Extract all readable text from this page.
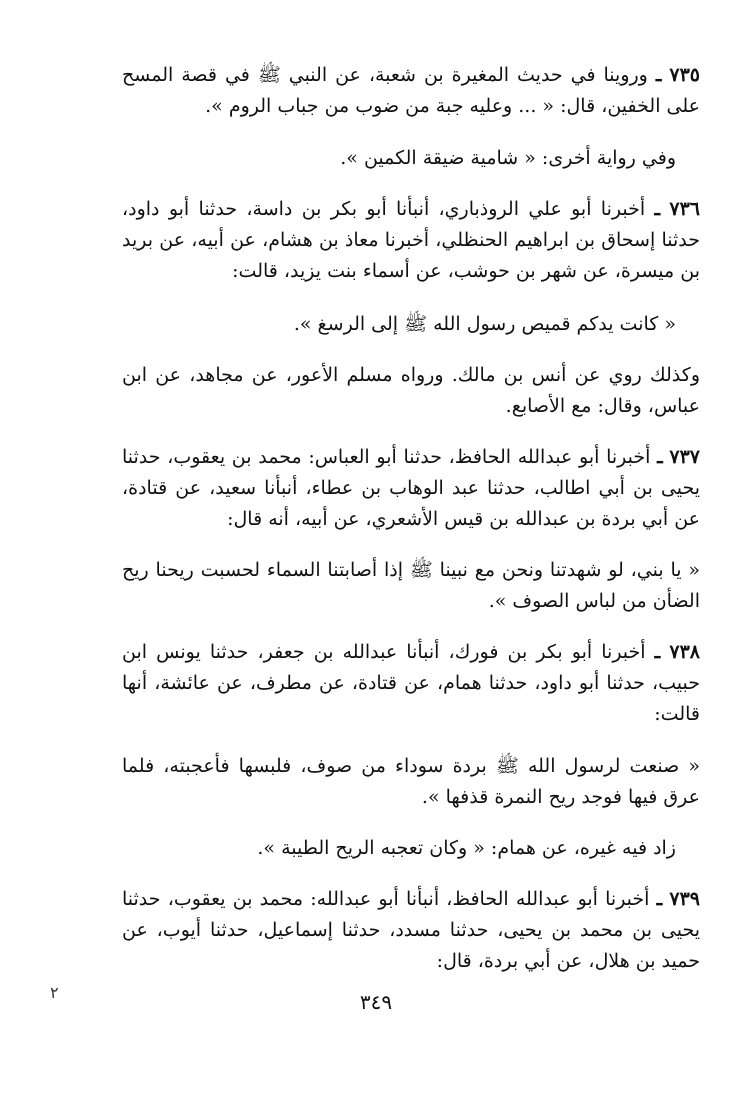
٧٣٥ ـ وروينا في حديث المغيرة بن شعبة، عن النبي ﷺ في قصة المسح على الخفين، قال: « ... وعليه جبة من ضوب من جباب الروم ».

وفي رواية أخرى: « شامية ضيقة الكمين ».

٧٣٦ ـ أخبرنا أبو علي الروذباري، أنبأنا أبو بكر بن داسة، حدثنا أبو داود، حدثنا إسحاق بن ابراهيم الحنظلي، أخبرنا معاذ بن هشام، عن أبيه، عن بريد بن ميسرة، عن شهر بن حوشب، عن أسماء بنت يزيد، قالت:

« كانت يدكم قميص رسول الله ﷺ إلى الرسغ ».

وكذلك روي عن أنس بن مالك. ورواه مسلم الأعور، عن مجاهد، عن ابن عباس، وقال: مع الأصابع.

٧٣٧ ـ أخبرنا أبو عبدالله الحافظ، حدثنا أبو العباس: محمد بن يعقوب، حدثنا يحيى بن أبي اطالب، حدثنا عبد الوهاب بن عطاء، أنبأنا سعيد، عن قتادة، عن أبي بردة بن عبدالله بن قيس الأشعري، عن أبيه، أنه قال:

« يا بني، لو شهدتنا ونحن مع نبينا ﷺ إذا أصابتنا السماء لحسبت ريحنا ريح الضأن من لباس الصوف ».

٧٣٨ ـ أخبرنا أبو بكر بن فورك، أنبأنا عبدالله بن جعفر، حدثنا يونس ابن حبيب، حدثنا أبو داود، حدثنا همام، عن قتادة، عن مطرف، عن عائشة، أنها قالت:

« صنعت لرسول الله ﷺ بردة سوداء من صوف، فلبسها فأعجبته، فلما عرق فيها فوجد ريح النمرة قذفها ».

زاد فيه غيره، عن همام: « وكان تعجبه الريح الطيبة ».

٧٣٩ ـ أخبرنا أبو عبدالله الحافظ، أنبأنا أبو عبدالله: محمد بن يعقوب، حدثنا يحيى بن محمد بن يحيى، حدثنا مسدد، حدثنا إسماعيل، حدثنا أيوب، عن حميد بن هلال، عن أبي بردة، قال:

٣٤٩
٢
